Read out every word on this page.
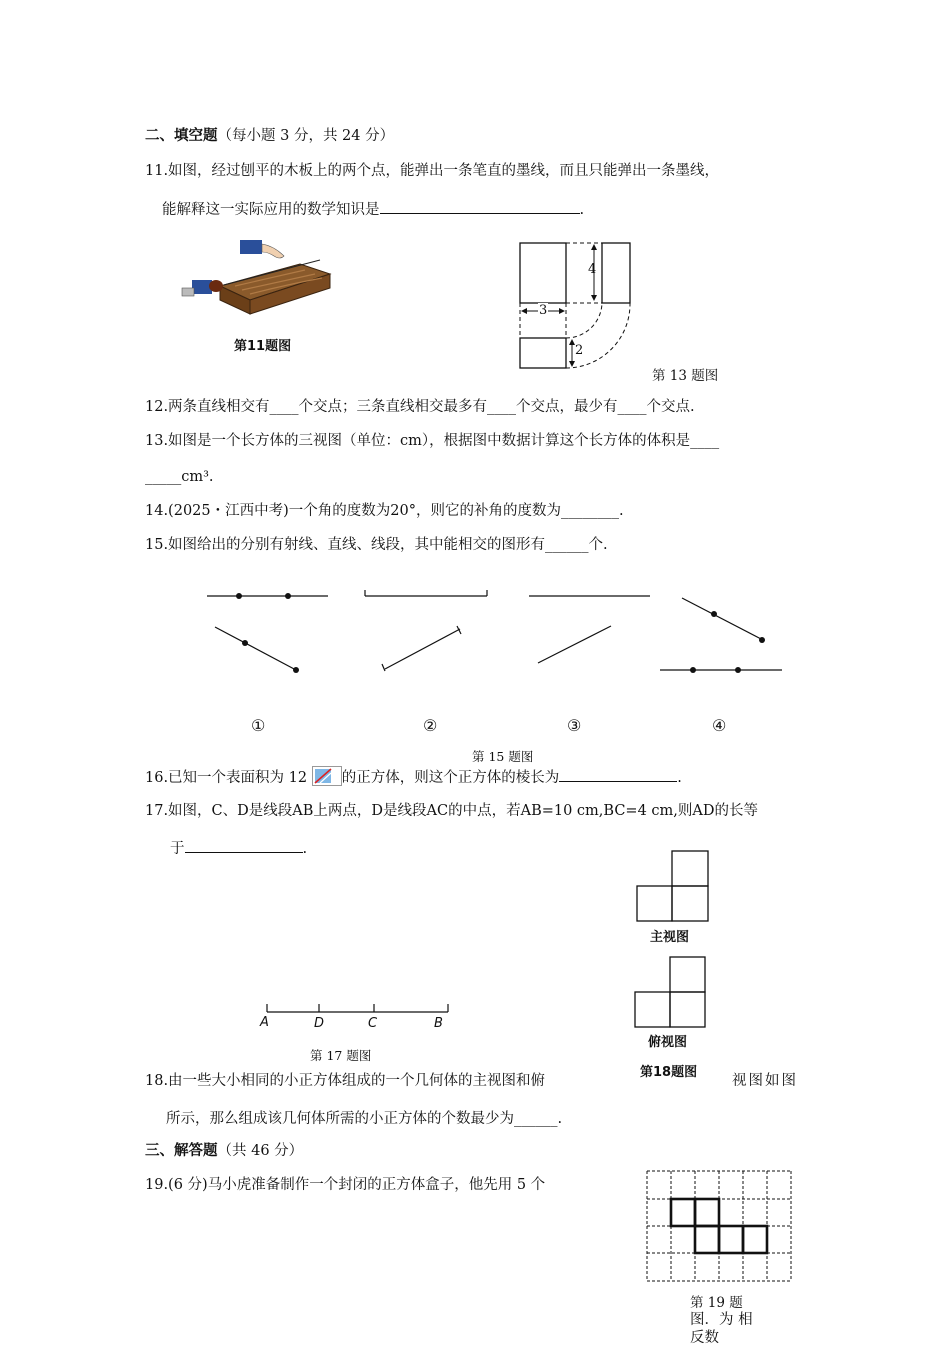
二、填空题（每小题 3 分，共 24 分）
11.如图，经过刨平的木板上的两个点，能弹出一条笔直的墨线，而且只能弹出一条墨线，
能解释这一实际应用的数学知识是	.
第11题图
4
3
2
第 13 题图
12.两条直线相交有____个交点；三条直线相交最多有____个交点，最少有____个交点.
13.如图是一个长方体的三视图（单位：cm），根据图中数据计算这个长方体的体积是____
_____cm³.
14.(2025・江西中考)一个角的度数为20°，则它的补角的度数为________.
15.如图给出的分别有射线、直线、线段，其中能相交的图形有______个.
①	②	③	④
第 15 题图
16.已知一个表面积为 12 的正方体，则这个正方体的棱长为	.
17.如图，C、D是线段AB上两点，D是线段AC的中点，若AB=10 cm,BC=4 cm,则AD的长等
于	.
A	D	C	B
第 17 题图
主视图
俯视图
第18题图
18.由一些大小相同的小正方体组成的一个几何体的主视图和俯	视图如图
所示，那么组成该几何体所需的小正方体的个数最少为______.
三、解答题（共 46 分）
19.(6 分)马小虎准备制作一个封闭的正方体盒子，他先用 5 个
第 19 题
图．为 相
反数
